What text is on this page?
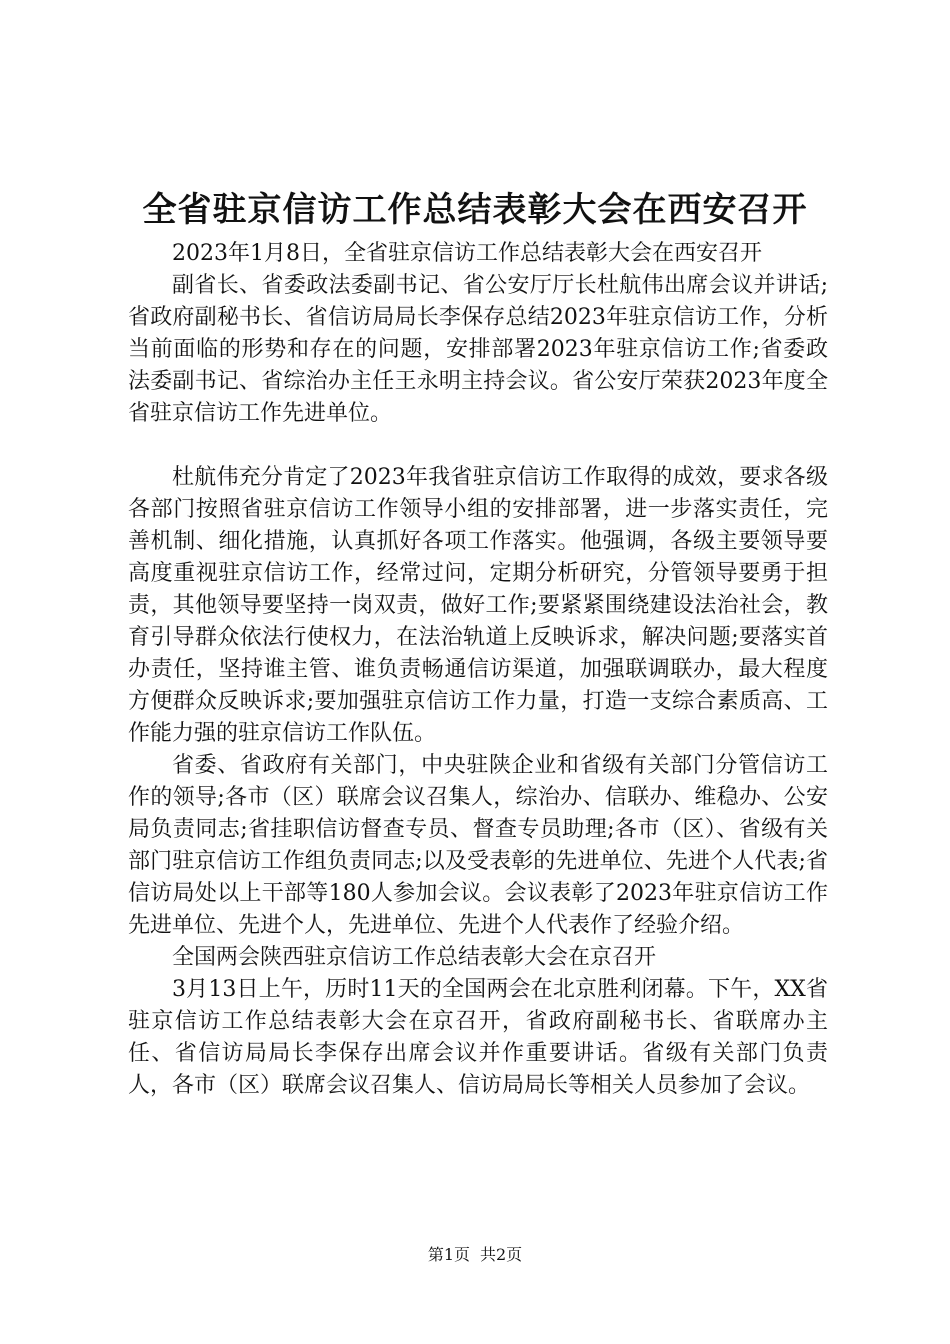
全省驻京信访工作总结表彰大会在西安召开

2023年1月8日，全省驻京信访工作总结表彰大会在西安召开

副省长、省委政法委副书记、省公安厅厅长杜航伟出席会议并讲话;省政府副秘书长、省信访局局长李保存总结2023年驻京信访工作，分析当前面临的形势和存在的问题，安排部署2023年驻京信访工作;省委政法委副书记、省综治办主任王永明主持会议。省公安厅荣获2023年度全省驻京信访工作先进单位。

杜航伟充分肯定了2023年我省驻京信访工作取得的成效，要求各级各部门按照省驻京信访工作领导小组的安排部署，进一步落实责任，完善机制、细化措施，认真抓好各项工作落实。他强调，各级主要领导要高度重视驻京信访工作，经常过问，定期分析研究，分管领导要勇于担责，其他领导要坚持一岗双责，做好工作;要紧紧围绕建设法治社会，教育引导群众依法行使权力，在法治轨道上反映诉求，解决问题;要落实首办责任，坚持谁主管、谁负责畅通信访渠道，加强联调联办，最大程度方便群众反映诉求;要加强驻京信访工作力量，打造一支综合素质高、工作能力强的驻京信访工作队伍。

省委、省政府有关部门，中央驻陕企业和省级有关部门分管信访工作的领导;各市（区）联席会议召集人，综治办、信联办、维稳办、公安局负责同志;省挂职信访督查专员、督查专员助理;各市（区）、省级有关部门驻京信访工作组负责同志;以及受表彰的先进单位、先进个人代表;省信访局处以上干部等180人参加会议。会议表彰了2023年驻京信访工作先进单位、先进个人，先进单位、先进个人代表作了经验介绍。

全国两会陕西驻京信访工作总结表彰大会在京召开

3月13日上午，历时11天的全国两会在北京胜利闭幕。下午，XX省驻京信访工作总结表彰大会在京召开，省政府副秘书长、省联席办主任、省信访局局长李保存出席会议并作重要讲话。省级有关部门负责人，各市（区）联席会议召集人、信访局局长等相关人员参加了会议。

第1页 共2页
